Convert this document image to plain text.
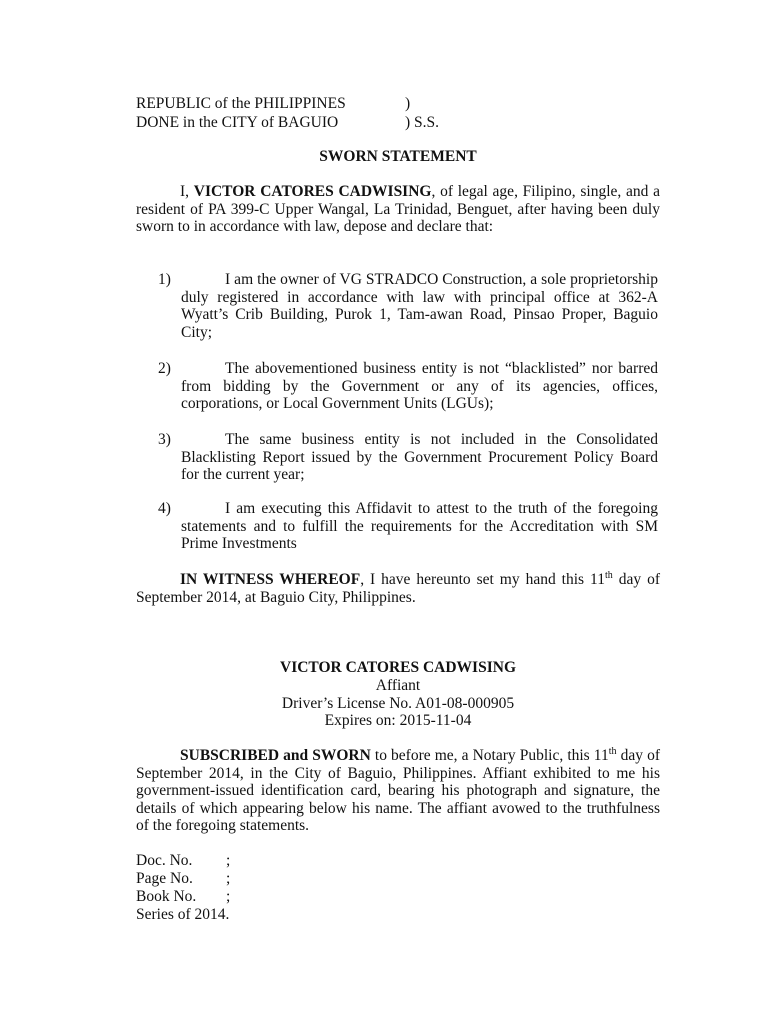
REPUBLIC of the PHILIPPINES	)
DONE in the CITY of BAGUIO	) S.S.
SWORN STATEMENT
I, VICTOR CATORES CADWISING, of legal age, Filipino, single, and a resident of PA 399-C Upper Wangal, La Trinidad, Benguet, after having been duly sworn to in accordance with law, depose and declare that:
1)	I am the owner of VG STRADCO Construction, a sole proprietorship duly registered in accordance with law with principal office at 362-A Wyatt’s Crib Building, Purok 1, Tam-awan Road, Pinsao Proper, Baguio City;
2)	The abovementioned business entity is not “blacklisted” nor barred from bidding by the Government or any of its agencies, offices, corporations, or Local Government Units (LGUs);
3)	The same business entity is not included in the Consolidated Blacklisting Report issued by the Government Procurement Policy Board for the current year;
4)	I am executing this Affidavit to attest to the truth of the foregoing statements and to fulfill the requirements for the Accreditation with SM Prime Investments
IN WITNESS WHEREOF, I have hereunto set my hand this 11th day of September 2014, at Baguio City, Philippines.
VICTOR CATORES CADWISING
Affiant
Driver’s License No. A01-08-000905
Expires on: 2015-11-04
SUBSCRIBED and SWORN to before me, a Notary Public, this 11th day of September 2014, in the City of Baguio, Philippines. Affiant exhibited to me his government-issued identification card, bearing his photograph and signature, the details of which appearing below his name. The affiant avowed to the truthfulness of the foregoing statements.
Doc. No. ;
Page No. ;
Book No. ;
Series of 2014.
